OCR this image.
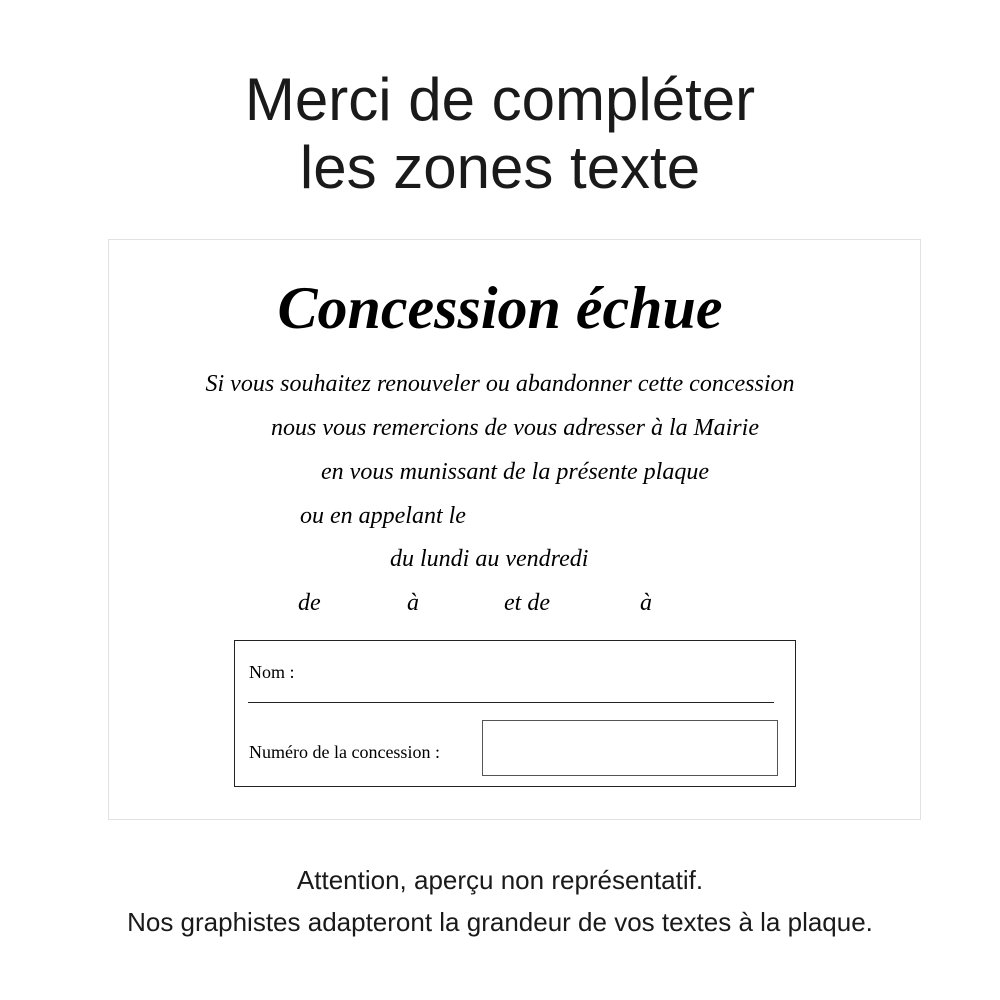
Merci de compléter
les zones texte
Concession échue
Si vous souhaitez renouveler ou abandonner cette concession
nous vous remercions de vous adresser à la Mairie
en vous munissant de la présente plaque
ou en appelant le
du lundi au vendredi
de	à	et de	à
Nom :
Numéro de la concession :
Attention, aperçu non représentatif.
Nos graphistes adapteront la grandeur de vos textes à la plaque.
